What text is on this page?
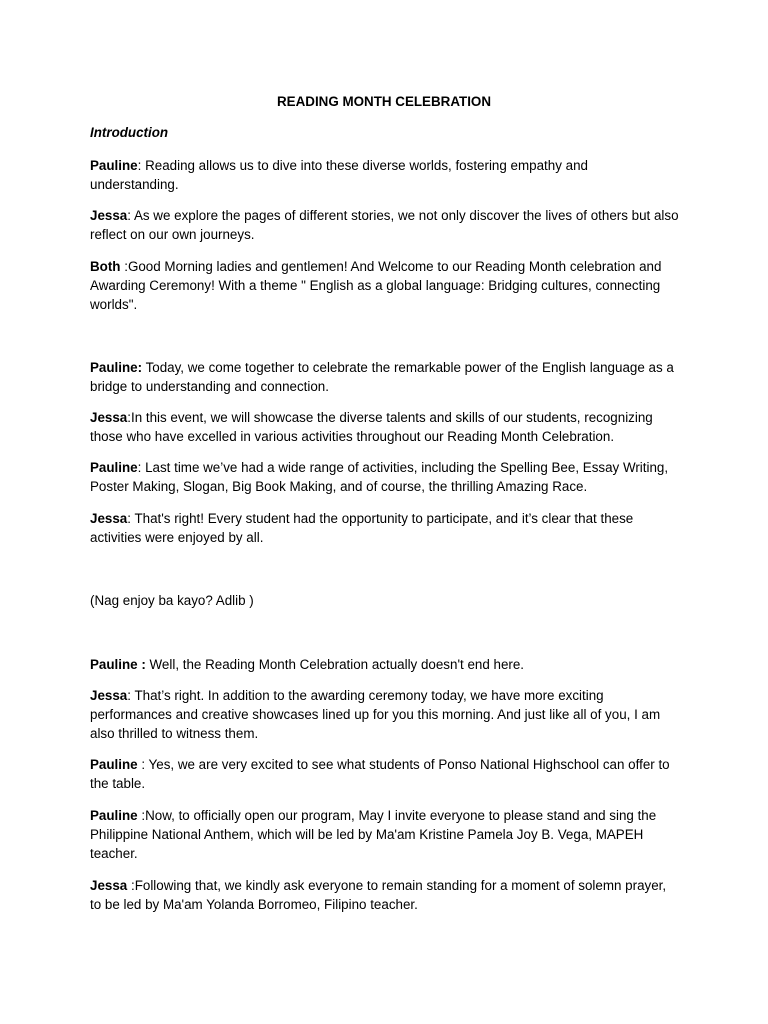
READING MONTH CELEBRATION
Introduction

Pauline: Reading allows us to dive into these diverse worlds, fostering empathy and understanding.

Jessa: As we explore the pages of different stories, we not only discover the lives of others but also reflect on our own journeys.

Both :Good Morning ladies and gentlemen! And Welcome to our Reading Month celebration and Awarding Ceremony! With a theme " English as a global language: Bridging cultures, connecting worlds".

Pauline: Today, we come together to celebrate the remarkable power of the English language as a bridge to understanding and connection.

Jessa:In this event, we will showcase the diverse talents and skills of our students, recognizing those who have excelled in various activities throughout our Reading Month Celebration.

Pauline: Last time we’ve had a wide range of activities, including the Spelling Bee, Essay Writing, Poster Making, Slogan, Big Book Making, and of course, the thrilling Amazing Race.

Jessa: That's right! Every student had the opportunity to participate, and it’s clear that these activities were enjoyed by all.

(Nag enjoy ba kayo? Adlib )

Pauline : Well, the Reading Month Celebration actually doesn't end here.

Jessa: That’s right. In addition to the awarding ceremony today, we have more exciting performances and creative showcases lined up for you this morning. And just like all of you, I am also thrilled to witness them.

Pauline : Yes, we are very excited to see what students of Ponso National Highschool can offer to the table.

Pauline :Now, to officially open our program, May I invite everyone to please stand and sing the Philippine National Anthem, which will be led by Ma'am Kristine Pamela Joy B. Vega, MAPEH teacher.

Jessa :Following that, we kindly ask everyone to remain standing for a moment of solemn prayer, to be led by Ma'am Yolanda Borromeo, Filipino teacher.
